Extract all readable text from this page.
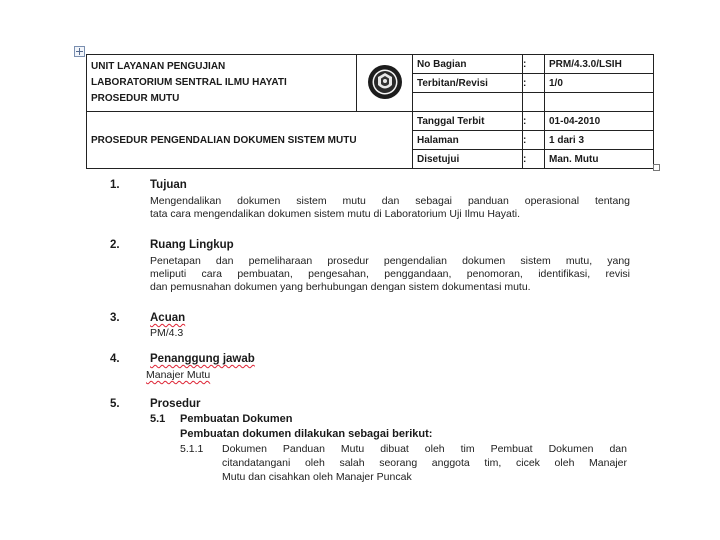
UNIT LAYANAN PENGUJIAN
LABORATORIUM SENTRAL ILMU HAYATI
PROSEDUR MUTU		No Bagian	:	PRM/4.3.0/LSIH
		Terbitan/Revisi	:	1/0

PROSEDUR PENGENDALIAN DOKUMEN SISTEM MUTU		Tanggal Terbit	:	01-04-2010
		Halaman	:	1 dari 3
		Disetujui	:	Man. Mutu
1.	Tujuan
Mengendalikan dokumen sistem mutu dan sebagai panduan operasional tentang
tata cara mengendalikan dokumen sistem mutu di Laboratorium Uji Ilmu Hayati.
2.	Ruang Lingkup
Penetapan dan pemeliharaan prosedur pengendalian dokumen sistem mutu, yang
meliputi cara pembuatan, pengesahan, penggandaan, penomoran, identifikasi, revisi
dan pemusnahan dokumen yang berhubungan dengan sistem dokumentasi mutu.
3.	Acuan
PM/4.3
4.	Penanggung jawab
Manajer Mutu
5.	Prosedur
5.1 Pembuatan Dokumen
Pembuatan dokumen dilakukan sebagai berikut:
5.1.1 Dokumen Panduan Mutu dibuat oleh tim Pembuat Dokumen dan
citandatangani oleh salah seorang anggota tim, cicek oleh Manajer
Mutu dan cisahkan oleh Manajer Puncak
